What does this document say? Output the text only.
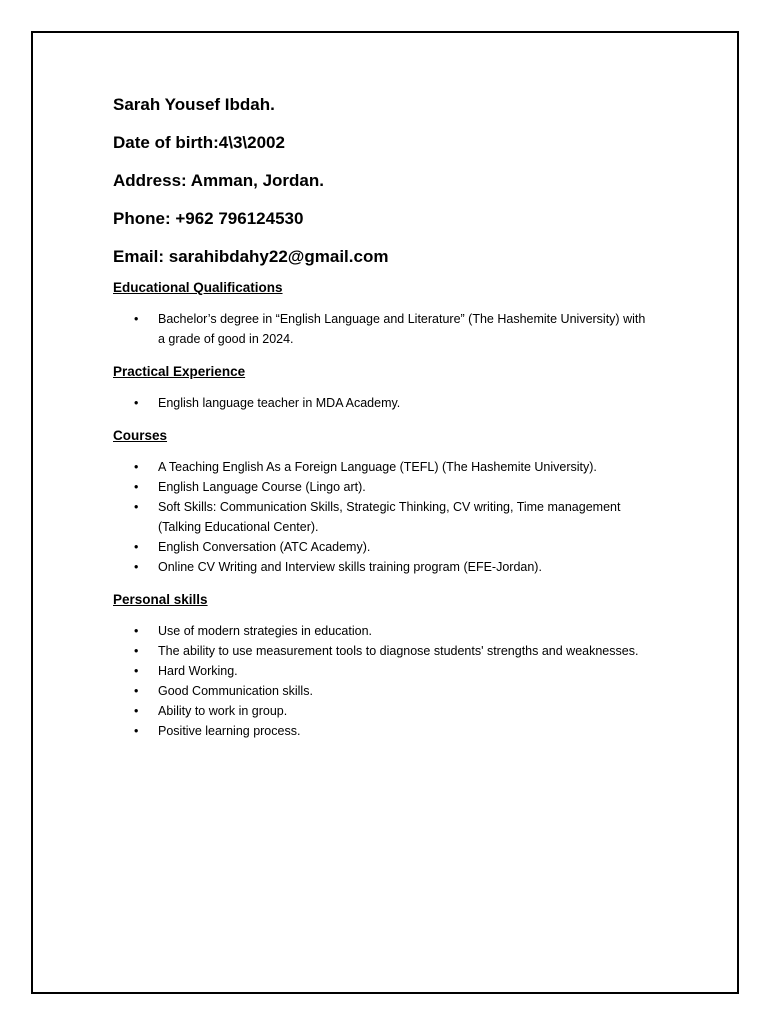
Sarah Yousef Ibdah.
Date of birth:4\3\2002
Address: Amman, Jordan.
Phone: +962 796124530
Email: sarahibdahy22@gmail.com
Educational Qualifications
• Bachelor’s degree in “English Language and Literature” (The Hashemite University) with a grade of good in 2024.
Practical Experience
• English language teacher in MDA Academy.
Courses
• A Teaching English As a Foreign Language (TEFL) (The Hashemite University).
• English Language Course (Lingo art).
• Soft Skills: Communication Skills, Strategic Thinking, CV writing, Time management (Talking Educational Center).
• English Conversation (ATC Academy).
• Online CV Writing and Interview skills training program (EFE-Jordan).
Personal skills
• Use of modern strategies in education.
• The ability to use measurement tools to diagnose students' strengths and weaknesses.
• Hard Working.
• Good Communication skills.
• Ability to work in group.
• Positive learning process.
